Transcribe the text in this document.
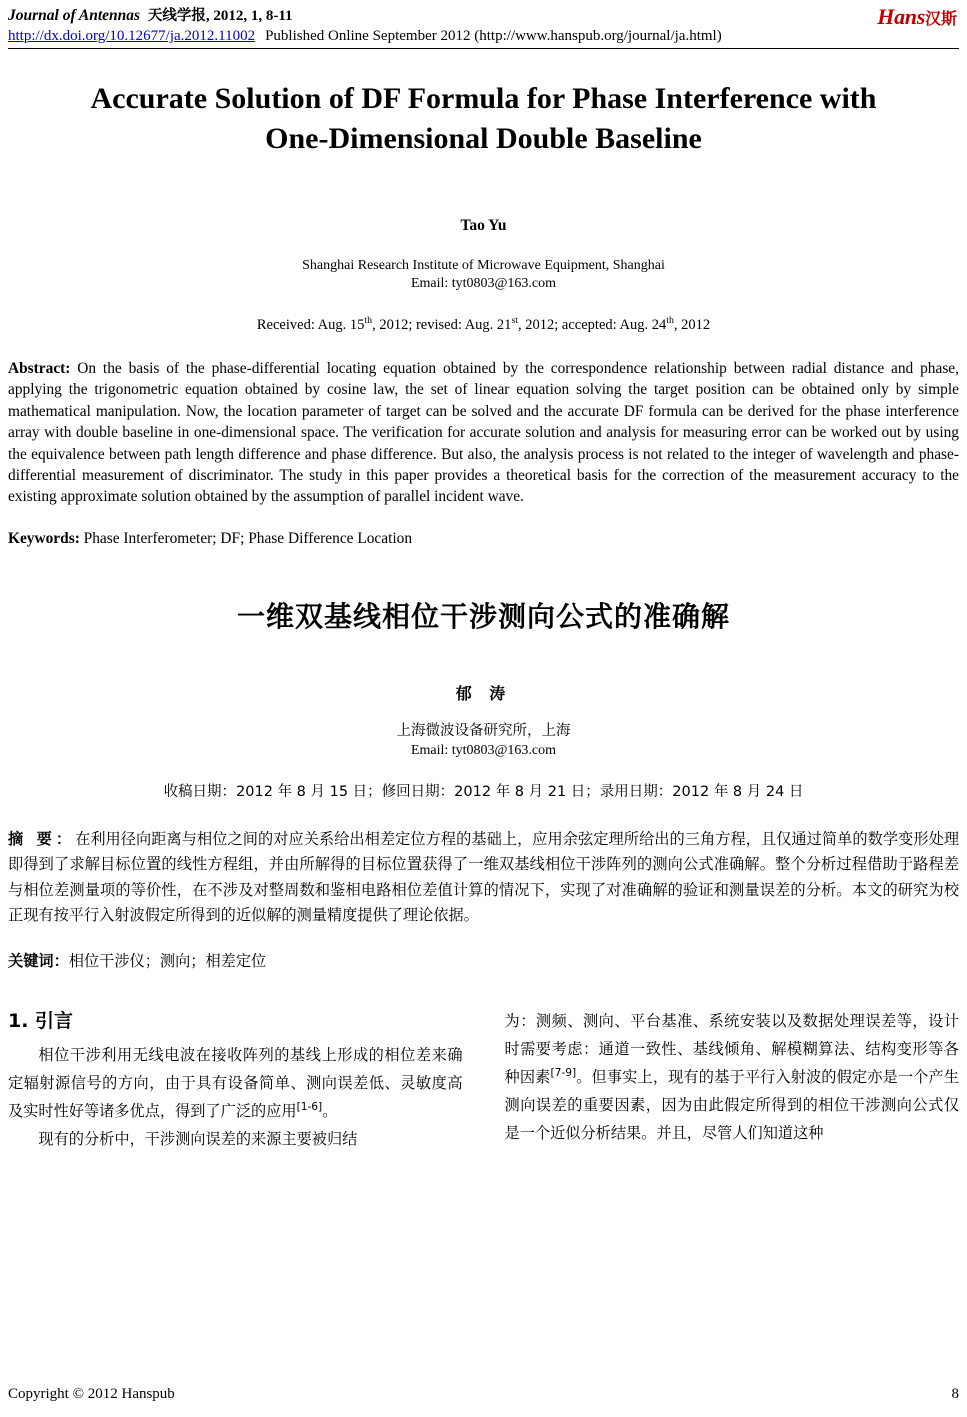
Journal of Antennas 天线学报, 2012, 1, 8-11
http://dx.doi.org/10.12677/ja.2012.11002 Published Online September 2012 (http://www.hanspub.org/journal/ja.html)
Hans汉斯
Accurate Solution of DF Formula for Phase Interference with
One-Dimensional Double Baseline
Tao Yu
Shanghai Research Institute of Microwave Equipment, Shanghai
Email: tyt0803@163.com
Received: Aug. 15th, 2012; revised: Aug. 21st, 2012; accepted: Aug. 24th, 2012
Abstract: On the basis of the phase-differential locating equation obtained by the correspondence relationship between radial distance and phase, applying the trigonometric equation obtained by cosine law, the set of linear equation solving the target position can be obtained only by simple mathematical manipulation. Now, the location parameter of target can be solved and the accurate DF formula can be derived for the phase interference array with double baseline in one-dimensional space. The verification for accurate solution and analysis for measuring error can be worked out by using the equivalence between path length difference and phase difference. But also, the analysis process is not related to the integer of wavelength and phase-differential measurement of discriminator. The study in this paper provides a theoretical basis for the correction of the measurement accuracy to the existing approximate solution obtained by the assumption of parallel incident wave.
Keywords: Phase Interferometer; DF; Phase Difference Location
一维双基线相位干涉测向公式的准确解
郁 涛
上海微波设备研究所，上海
Email: tyt0803@163.com
收稿日期：2012 年 8 月 15 日；修回日期：2012 年 8 月 21 日；录用日期：2012 年 8 月 24 日
摘 要：在利用径向距离与相位之间的对应关系给出相差定位方程的基础上，应用余弦定理所给出的三角方程，且仅通过简单的数学变形处理即得到了求解目标位置的线性方程组，并由所解得的目标位置获得了一维双基线相位干涉阵列的测向公式准确解。整个分析过程借助于路程差与相位差测量项的等价性，在不涉及对整周数和鉴相电路相位差值计算的情况下，实现了对准确解的验证和测量误差的分析。本文的研究为校正现有按平行入射波假定所得到的近似解的测量精度提供了理论依据。
关键词：相位干涉仪；测向；相差定位
1. 引言
相位干涉利用无线电波在接收阵列的基线上形成的相位差来确定辐射源信号的方向，由于具有设备简单、测向误差低、灵敏度高及实时性好等诸多优点，得到了广泛的应用[1-6]。
现有的分析中，干涉测向误差的来源主要被归结
为：测频、测向、平台基准、系统安装以及数据处理误差等，设计时需要考虑：通道一致性、基线倾角、解模糊算法、结构变形等各种因素[7-9]。但事实上，现有的基于平行入射波的假定亦是一个产生测向误差的重要因素，因为由此假定所得到的相位干涉测向公式仅是一个近似分析结果。并且，尽管人们知道这种
Copyright © 2012 Hanspub	8
